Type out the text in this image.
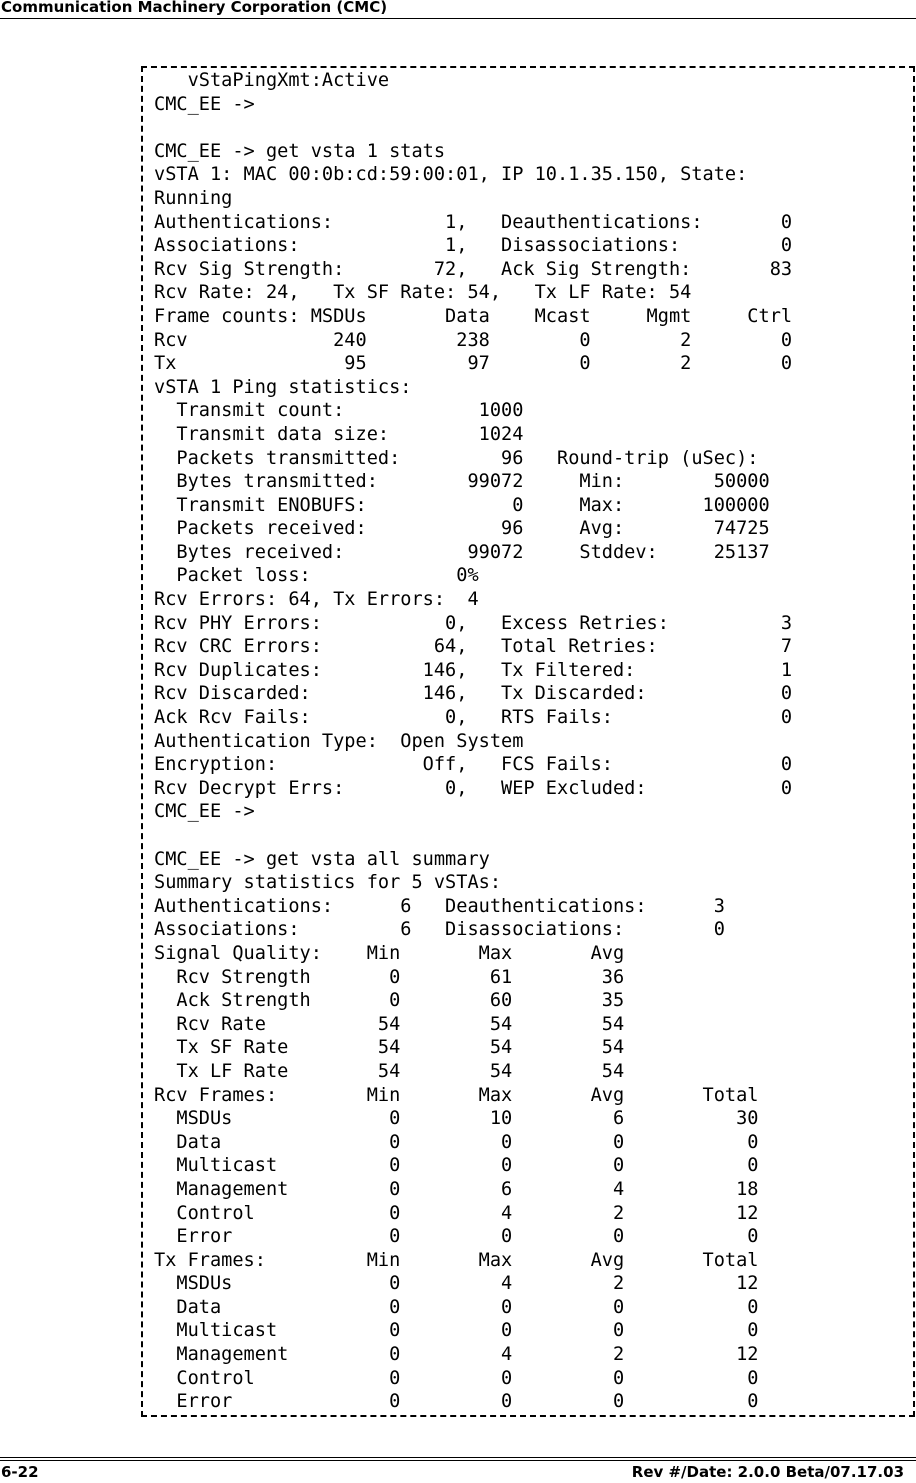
Communication Machinery Corporation (CMC)
vStaPingXmt:Active
CMC_EE ->
CMC_EE -> get vsta 1 stats
vSTA 1: MAC 00:0b:cd:59:00:01, IP 10.1.35.150, State:
Running
Authentications:          1,   Deauthentications:       0
Associations:             1,   Disassociations:         0
Rcv Sig Strength:        72,   Ack Sig Strength:       83
Rcv Rate: 24,   Tx SF Rate: 54,   Tx LF Rate: 54
Frame counts: MSDUs       Data    Mcast     Mgmt     Ctrl
Rcv             240        238        0        2        0
Tx               95         97        0        2        0
vSTA 1 Ping statistics:
Transmit count:            1000
Transmit data size:        1024
Packets transmitted:         96   Round-trip (uSec):
Bytes transmitted:        99072     Min:        50000
Transmit ENOBUFS:             0     Max:       100000
Packets received:            96     Avg:        74725
Bytes received:           99072     Stddev:     25137
Packet loss:             0%
Rcv Errors: 64, Tx Errors:  4
Rcv PHY Errors:           0,   Excess Retries:          3
Rcv CRC Errors:          64,   Total Retries:           7
Rcv Duplicates:         146,   Tx Filtered:             1
Rcv Discarded:          146,   Tx Discarded:            0
Ack Rcv Fails:            0,   RTS Fails:               0
Authentication Type:  Open System
Encryption:             Off,   FCS Fails:               0
Rcv Decrypt Errs:         0,   WEP Excluded:            0
CMC_EE ->
CMC_EE -> get vsta all summary
Summary statistics for 5 vSTAs:
Authentications:      6   Deauthentications:      3
Associations:         6   Disassociations:        0
Signal Quality:    Min       Max       Avg
Rcv Strength       0        61        36
Ack Strength       0        60        35
Rcv Rate          54        54        54
Tx SF Rate        54        54        54
Tx LF Rate        54        54        54
Rcv Frames:        Min       Max       Avg       Total
MSDUs              0        10         6          30
Data               0         0         0           0
Multicast          0         0         0           0
Management         0         6         4          18
Control            0         4         2          12
Error              0         0         0           0
Tx Frames:         Min       Max       Avg       Total
MSDUs              0         4         2          12
Data               0         0         0           0
Multicast          0         0         0           0
Management         0         4         2          12
Control            0         0         0           0
Error              0         0         0           0
6-22	Rev #/Date: 2.0.0 Beta/07.17.03
